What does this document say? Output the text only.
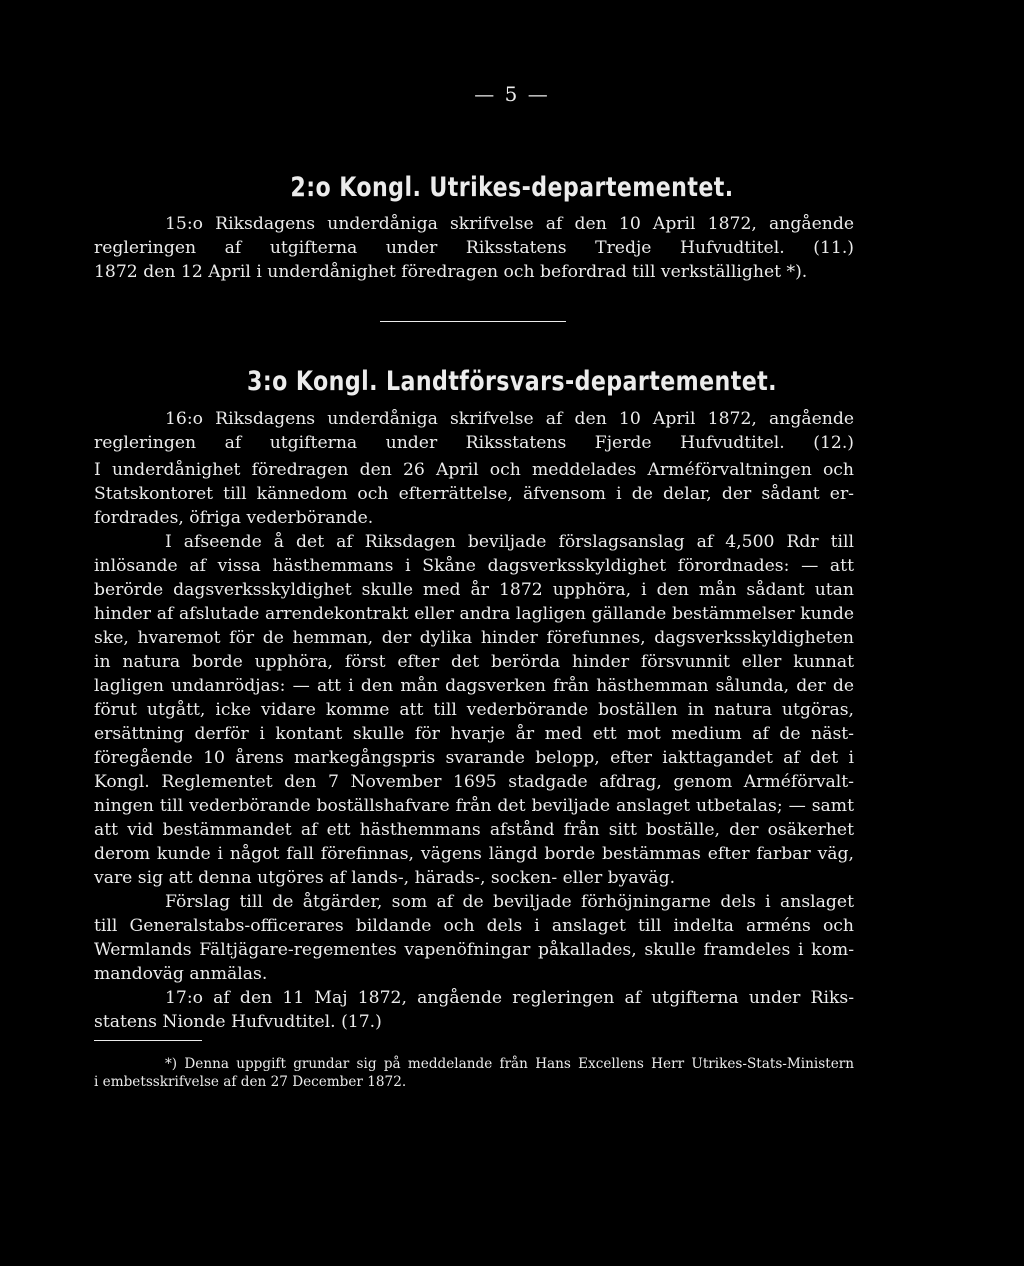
— 5 —
2:o Kongl. Utrikes-departementet.
15:o Riksdagens underdåniga skrifvelse af den 10 April 1872, angående
regleringen af utgifterna under Riksstatens Tredje Hufvudtitel. (11.)
1872 den 12 April i underdånighet föredragen och befordrad till verkställighet *).
3:o Kongl. Landtförsvars-departementet.
16:o Riksdagens underdåniga skrifvelse af den 10 April 1872, angående
regleringen af utgifterna under Riksstatens Fjerde Hufvudtitel. (12.)
I underdånighet föredragen den 26 April och meddelades Arméförvaltningen och
Statskontoret till kännedom och efterrättelse, äfvensom i de delar, der sådant er-
fordrades, öfriga vederbörande.
I afseende å det af Riksdagen beviljade förslagsanslag af 4,500 Rdr till
inlösande af vissa hästhemmans i Skåne dagsverksskyldighet förordnades: — att
berörde dagsverksskyldighet skulle med år 1872 upphöra, i den mån sådant utan
hinder af afslutade arrendekontrakt eller andra lagligen gällande bestämmelser kunde
ske, hvaremot för de hemman, der dylika hinder förefunnes, dagsverksskyldigheten
in natura borde upphöra, först efter det berörda hinder försvunnit eller kunnat
lagligen undanrödjas: — att i den mån dagsverken från hästhemman sålunda, der de
förut utgått, icke vidare komme att till vederbörande boställen in natura utgöras,
ersättning derför i kontant skulle för hvarje år med ett mot medium af de näst-
föregående 10 årens markegångspris svarande belopp, efter iakttagandet af det i
Kongl. Reglementet den 7 November 1695 stadgade afdrag, genom Arméförvalt-
ningen till vederbörande boställshafvare från det beviljade anslaget utbetalas; — samt
att vid bestämmandet af ett hästhemmans afstånd från sitt boställe, der osäkerhet
derom kunde i något fall förefinnas, vägens längd borde bestämmas efter farbar väg,
vare sig att denna utgöres af lands-, härads-, socken- eller byaväg.
Förslag till de åtgärder, som af de beviljade förhöjningarne dels i anslaget
till Generalstabs-officerares bildande och dels i anslaget till indelta arméns och
Wermlands Fältjägare-regementes vapenöfningar påkallades, skulle framdeles i kom-
mandoväg anmälas.
17:o af den 11 Maj 1872, angående regleringen af utgifterna under Riks-
statens Nionde Hufvudtitel. (17.)
*) Denna uppgift grundar sig på meddelande från Hans Excellens Herr Utrikes-Stats-Ministern
i embetsskrifvelse af den 27 December 1872.
